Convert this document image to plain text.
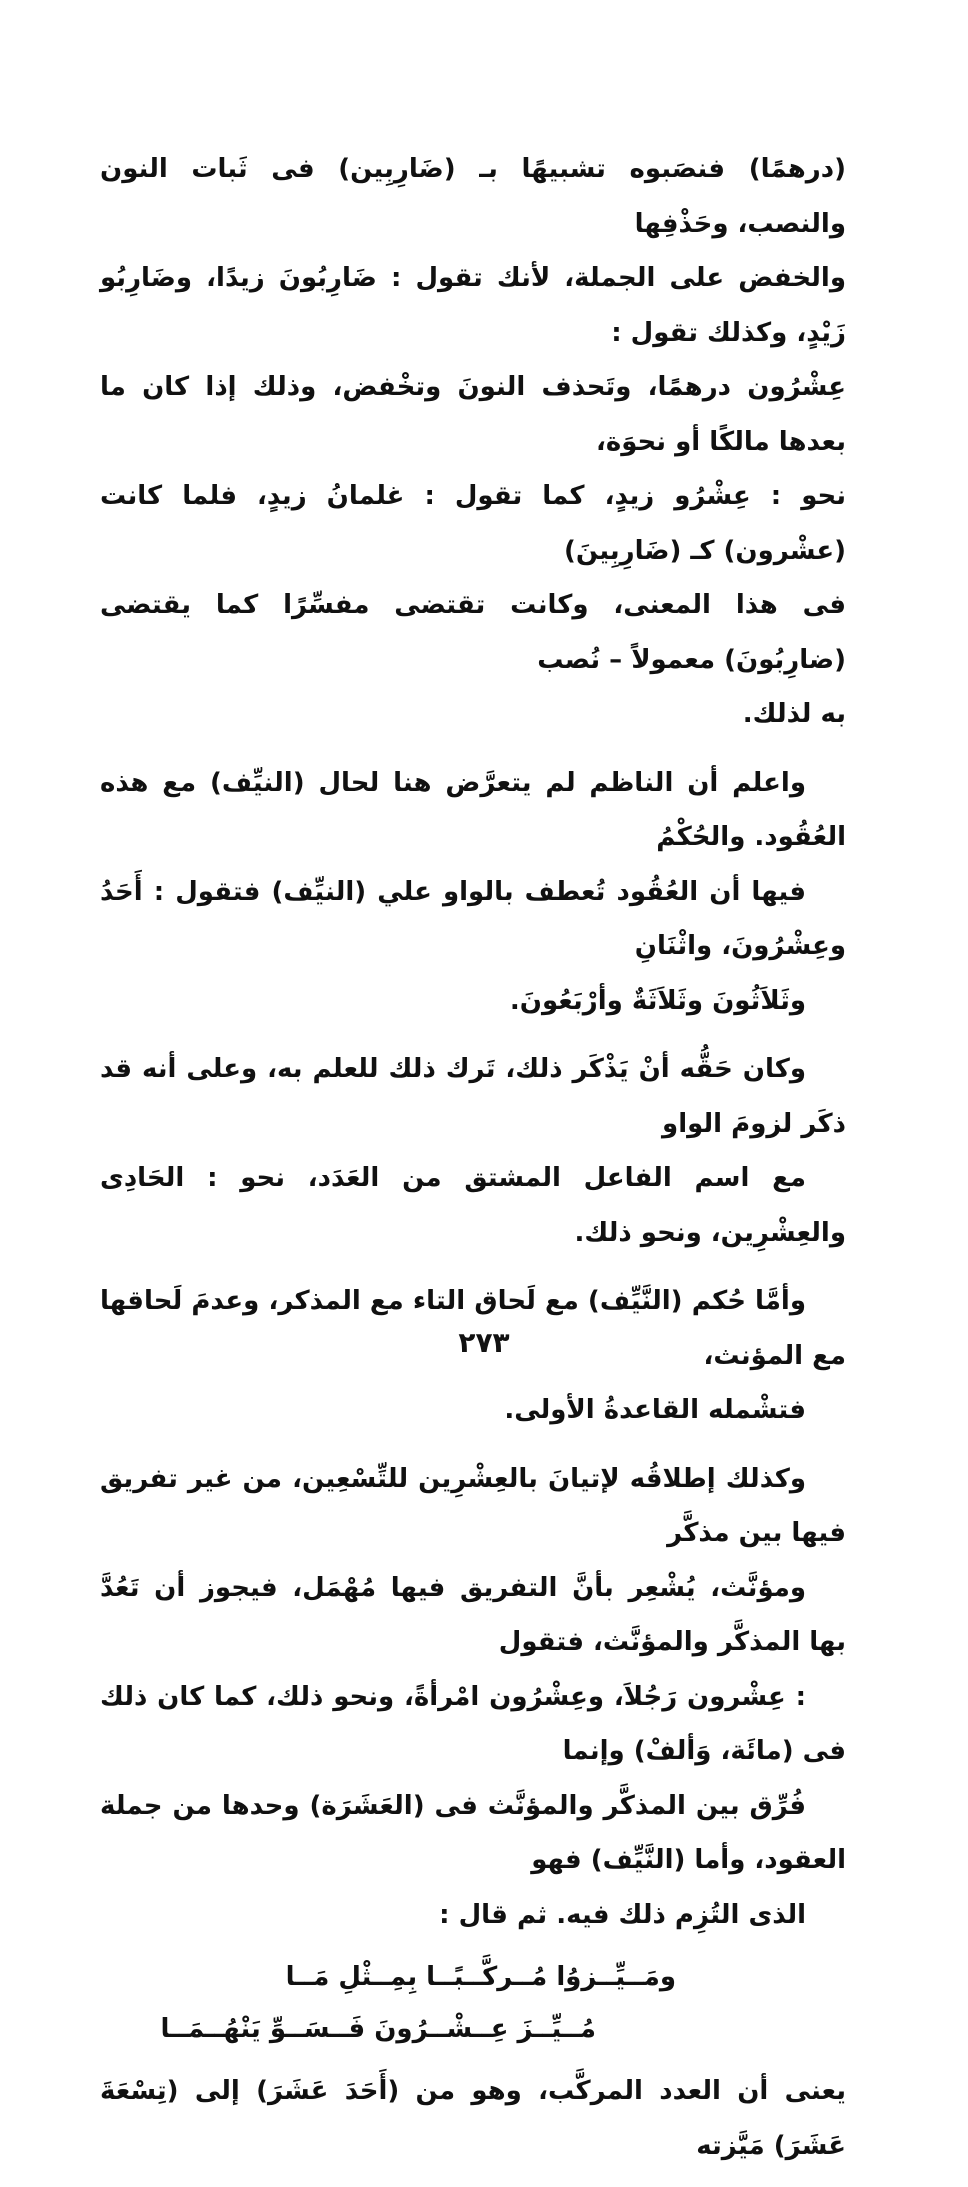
(درهمًا) فنصَبوه تشبيهًا بـ (ضَارِبِين) فى ثَبات النون والنصب، وحَذْفِها
والخفض على الجملة، لأنك تقول : ضَارِبُونَ زيدًا، وضَارِبُو زَيْدٍ، وكذلك تقول :
عِشْرُون درهمًا، وتَحذف النونَ وتخْفض، وذلك إذا كان ما بعدها مالكًا أو نحوَة،
نحو : عِشْرُو زيدٍ، كما تقول : غلمانُ زيدٍ، فلما كانت (عشْرون) كـ (ضَارِبِينَ)
فى هذا المعنى، وكانت تقتضى مفسِّرًا كما يقتضى (ضارِبُونَ) معمولاً – نُصب
به لذلك.

واعلم أن الناظم لم يتعرَّض هنا لحال (النيِّف) مع هذه العُقُود. والحُكْمُ
فيها أن العُقُود تُعطف بالواو علي (النيِّف) فتقول : أَحَدُ وعِشْرُونَ، واثْنَانِ
وثَلاَثُونَ وثَلاَثَةٌ وأرْبَعُونَ.

وكان حَقُّه أنْ يَذْكَر ذلك، تَرك ذلك للعلم به، وعلى أنه قد ذكَر لزومَ الواو
مع اسم الفاعل المشتق من العَدَد، نحو : الحَادِى والعِشْرِين، ونحو ذلك.

وأمَّا حُكم (النَّيِّف) مع لَحاق التاء مع المذكر، وعدمَ لَحاقها مع المؤنث،
فتشْمله القاعدةُ الأولى.

وكذلك إطلاقُه لإتيانَ بالعِشْرِين للتِّسْعِين، من غير تفريق فيها بين مذكَّر
ومؤنَّث، يُشْعِر بأنَّ التفريق فيها مُهْمَل، فيجوز أن تَعُدَّ بها المذكَّر والمؤنَّث، فتقول
: عِشْرون رَجُلاَ، وعِشْرُون امْرأةً، ونحو ذلك، كما كان ذلك فى (مائَة، وَألفْ) وإنما
فُرِّق بين المذكَّر والمؤنَّث فى (العَشَرَة) وحدها من جملة العقود، وأما (النَّيِّف) فهو
الذى التُزِم ذلك فيه. ثم قال :

ومَــيِّــزوُا مُــركَّــبًــا بِمِــثْلِ مَــا
مُــيِّــزَ عِــشْــرُونَ فَــسَــوِّ يَنْهُــمَــا

يعنى أن العدد المركَّب، وهو من (أَحَدَ عَشَرَ) إلى (تِسْعَةَ عَشَرَ) مَيَّزته

٢٧٣
